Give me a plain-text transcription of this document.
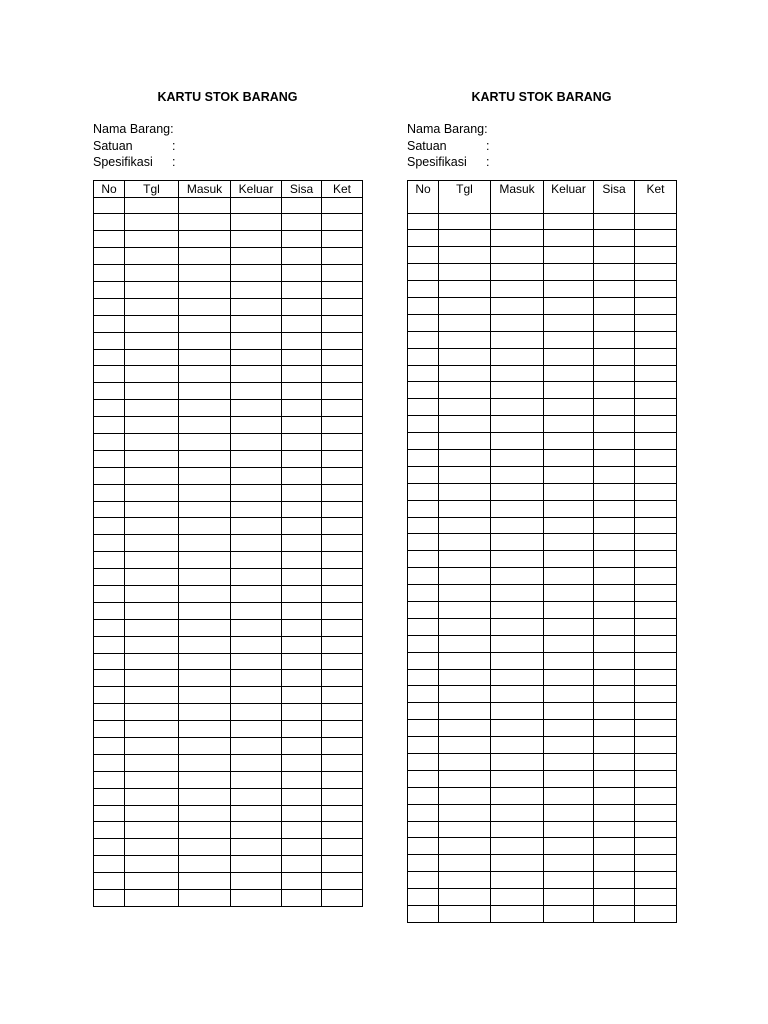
KARTU STOK BARANG
Nama Barang:
Satuan	:
Spesifikasi	:
No	Tgl	Masuk	Keluar	Sisa	Ket

KARTU STOK BARANG
Nama Barang:
Satuan	:
Spesifikasi	:
No	Tgl	Masuk	Keluar	Sisa	Ket
